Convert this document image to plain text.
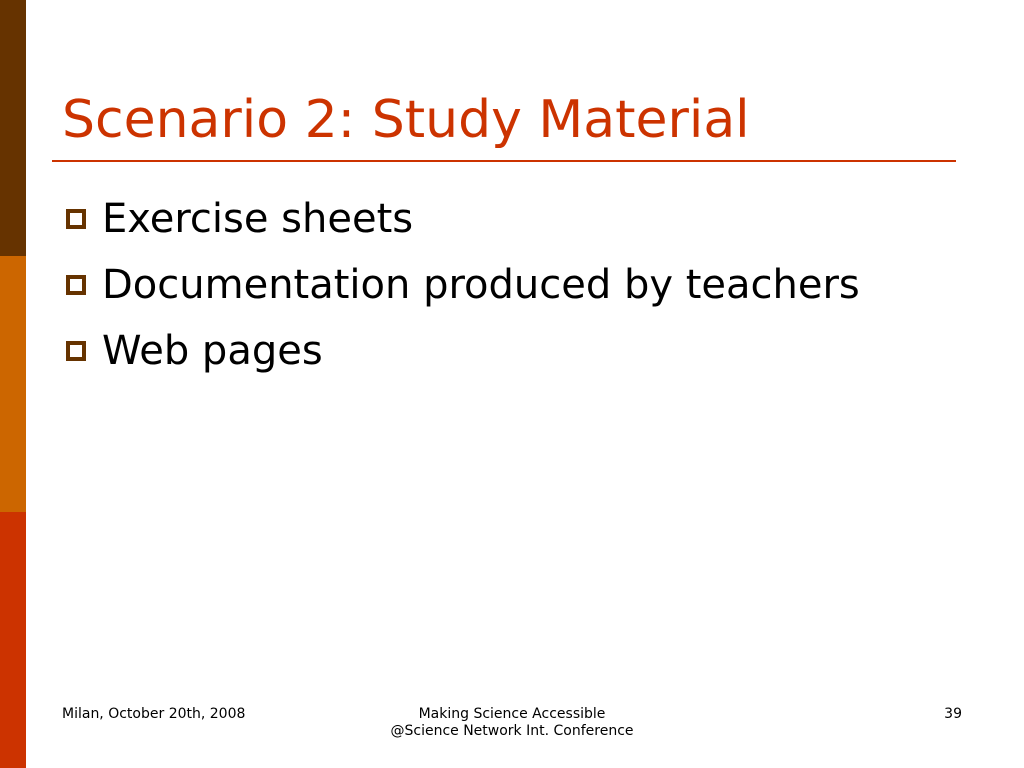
Scenario 2: Study Material
Exercise sheets
Documentation produced by teachers
Web pages
Milan, October 20th, 2008	Making Science Accessible
@Science Network Int. Conference
39
